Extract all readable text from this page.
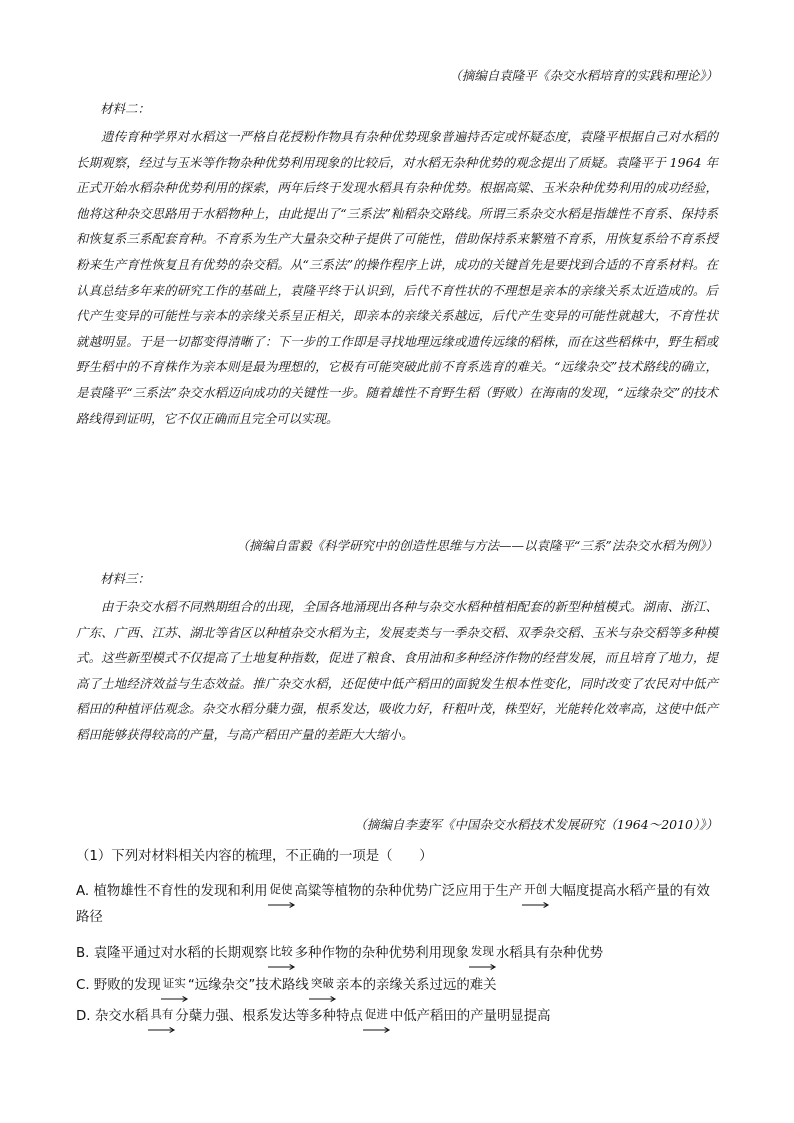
（摘编自袁隆平《杂交水稻培育的实践和理论》）
材料二：
遗传育种学界对水稻这一严格自花授粉作物具有杂种优势现象普遍持否定或怀疑态度，袁隆平根据自己对水稻的长期观察，经过与玉米等作物杂种优势利用现象的比较后，对水稻无杂种优势的观念提出了质疑。袁隆平于 1964 年正式开始水稻杂种优势利用的探索，两年后终于发现水稻具有杂种优势。根据高粱、玉米杂种优势利用的成功经验，他将这种杂交思路用于水稻物种上，由此提出了“三系法”籼稻杂交路线。所谓三系杂交水稻是指雄性不育系、保持系和恢复系三系配套育种。不育系为生产大量杂交种子提供了可能性，借助保持系来繁殖不育系，用恢复系给不育系授粉来生产育性恢复且有优势的杂交稻。从“三系法”的操作程序上讲，成功的关键首先是要找到合适的不育系材料。在认真总结多年来的研究工作的基础上，袁隆平终于认识到，后代不育性状的不理想是亲本的亲缘关系太近造成的。后代产生变异的可能性与亲本的亲缘关系呈正相关，即亲本的亲缘关系越远，后代产生变异的可能性就越大，不育性状就越明显。于是一切都变得清晰了：下一步的工作即是寻找地理远缘或遗传远缘的稻株，而在这些稻株中，野生稻或野生稻中的不育株作为亲本则是最为理想的，它极有可能突破此前不育系选育的难关。“远缘杂交”技术路线的确立，是袁隆平“三系法”杂交水稻迈向成功的关键性一步。随着雄性不育野生稻（野败）在海南的发现，“远缘杂交”的技术路线得到证明，它不仅正确而且完全可以实现。
（摘编自雷毅《科学研究中的创造性思维与方法——以袁隆平“三系”法杂交水稻为例》）
材料三：
由于杂交水稻不同熟期组合的出现，全国各地涌现出各种与杂交水稻种植相配套的新型种植模式。湖南、浙江、广东、广西、江苏、湖北等省区以种植杂交水稻为主，发展麦类与一季杂交稻、双季杂交稻、玉米与杂交稻等多种模式。这些新型模式不仅提高了土地复种指数，促进了粮食、食用油和多种经济作物的经营发展，而且培育了地力，提高了土地经济效益与生态效益。推广杂交水稻，还促使中低产稻田的面貌发生根本性变化，同时改变了农民对中低产稻田的种植评估观念。杂交水稻分蘖力强，根系发达，吸收力好，秆粗叶茂，株型好，光能转化效率高，这使中低产稻田能够获得较高的产量，与高产稻田产量的差距大大缩小。
（摘编自李妻军《中国杂交水稻技术发展研究（1964～2010）》）
（1）下列对材料相关内容的梳理，不正确的一项是（　　）
A. 植物雄性不育性的发现和利用 促使 高粱等植物的杂种优势广泛应用于生产 开创 大幅度提高水稻产量的有效路径
B. 袁隆平通过对水稻的长期观察 比较 多种作物的杂种优势利用现象 发现 水稻具有杂种优势
C. 野败的发现 证实 “远缘杂交”技术路线 突破 亲本的亲缘关系过远的难关
D. 杂交水稻 具有 分蘖力强、根系发达等多种特点 促进 中低产稻田的产量明显提高
